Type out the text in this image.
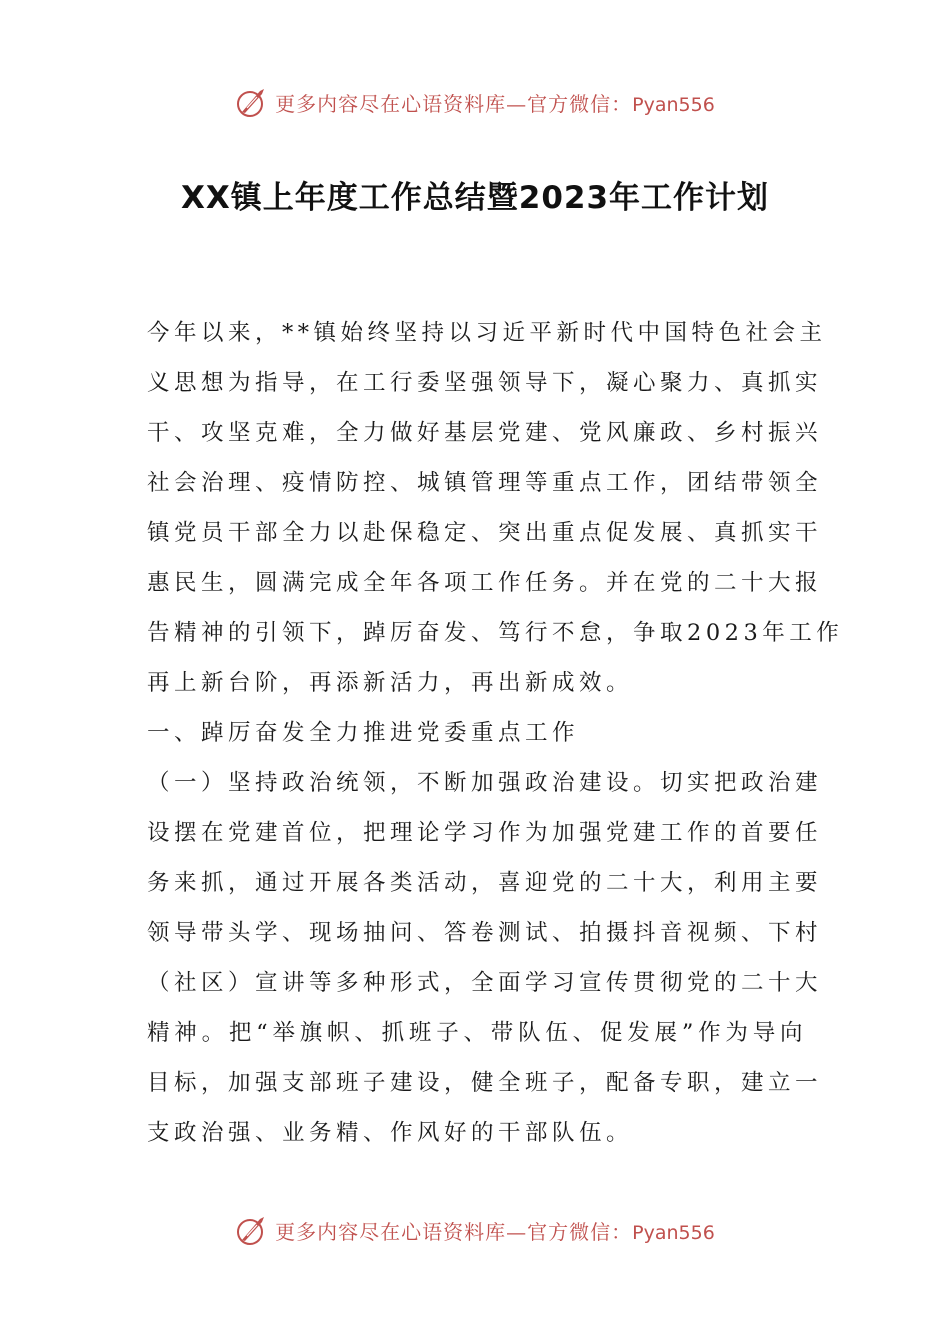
更多内容尽在心语资料库—官方微信：Pyan556
XX镇上年度工作总结暨2023年工作计划

今年以来，**镇始终坚持以习近平新时代中国特色社会主
义思想为指导，在工行委坚强领导下，凝心聚力、真抓实
干、攻坚克难，全力做好基层党建、党风廉政、乡村振兴
社会治理、疫情防控、城镇管理等重点工作，团结带领全
镇党员干部全力以赴保稳定、突出重点促发展、真抓实干
惠民生，圆满完成全年各项工作任务。并在党的二十大报
告精神的引领下，踔厉奋发、笃行不怠，争取2023年工作
再上新台阶，再添新活力，再出新成效。

一、踔厉奋发全力推进党委重点工作

（一）坚持政治统领，不断加强政治建设。切实把政治建
设摆在党建首位，把理论学习作为加强党建工作的首要任
务来抓，通过开展各类活动，喜迎党的二十大，利用主要
领导带头学、现场抽问、答卷测试、拍摄抖音视频、下村
（社区）宣讲等多种形式，全面学习宣传贯彻党的二十大
精神。把“举旗帜、抓班子、带队伍、促发展”作为导向
目标，加强支部班子建设，健全班子，配备专职，建立一
支政治强、业务精、作风好的干部队伍。

更多内容尽在心语资料库—官方微信：Pyan556
